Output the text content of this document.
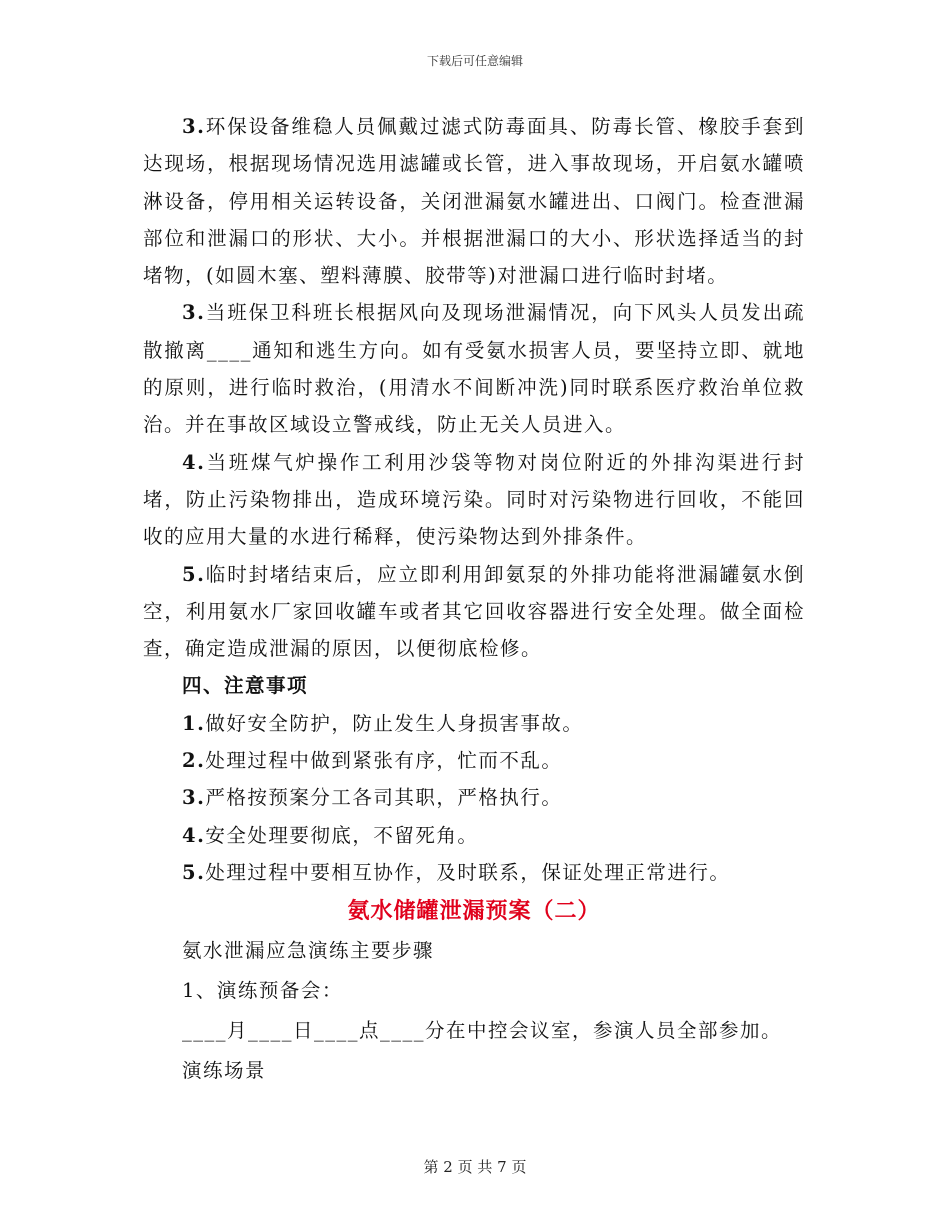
下载后可任意编辑

3.环保设备维稳人员佩戴过滤式防毒面具、防毒长管、橡胶手套到达现场，根据现场情况选用滤罐或长管，进入事故现场，开启氨水罐喷淋设备，停用相关运转设备，关闭泄漏氨水罐进出、口阀门。检查泄漏部位和泄漏口的形状、大小。并根据泄漏口的大小、形状选择适当的封堵物，(如圆木塞、塑料薄膜、胶带等)对泄漏口进行临时封堵。

3.当班保卫科班长根据风向及现场泄漏情况，向下风头人员发出疏散撤离____通知和逃生方向。如有受氨水损害人员，要坚持立即、就地的原则，进行临时救治，(用清水不间断冲洗)同时联系医疗救治单位救治。并在事故区域设立警戒线，防止无关人员进入。

4.当班煤气炉操作工利用沙袋等物对岗位附近的外排沟渠进行封堵，防止污染物排出，造成环境污染。同时对污染物进行回收，不能回收的应用大量的水进行稀释，使污染物达到外排条件。

5.临时封堵结束后，应立即利用卸氨泵的外排功能将泄漏罐氨水倒空，利用氨水厂家回收罐车或者其它回收容器进行安全处理。做全面检查，确定造成泄漏的原因，以便彻底检修。

四、注意事项

1.做好安全防护，防止发生人身损害事故。

2.处理过程中做到紧张有序，忙而不乱。

3.严格按预案分工各司其职，严格执行。

4.安全处理要彻底，不留死角。

5.处理过程中要相互协作，及时联系，保证处理正常进行。

氨水储罐泄漏预案（二）

氨水泄漏应急演练主要步骤

1、演练预备会：

____月____日____点____分在中控会议室，参演人员全部参加。

演练场景

第 2 页 共 7 页
